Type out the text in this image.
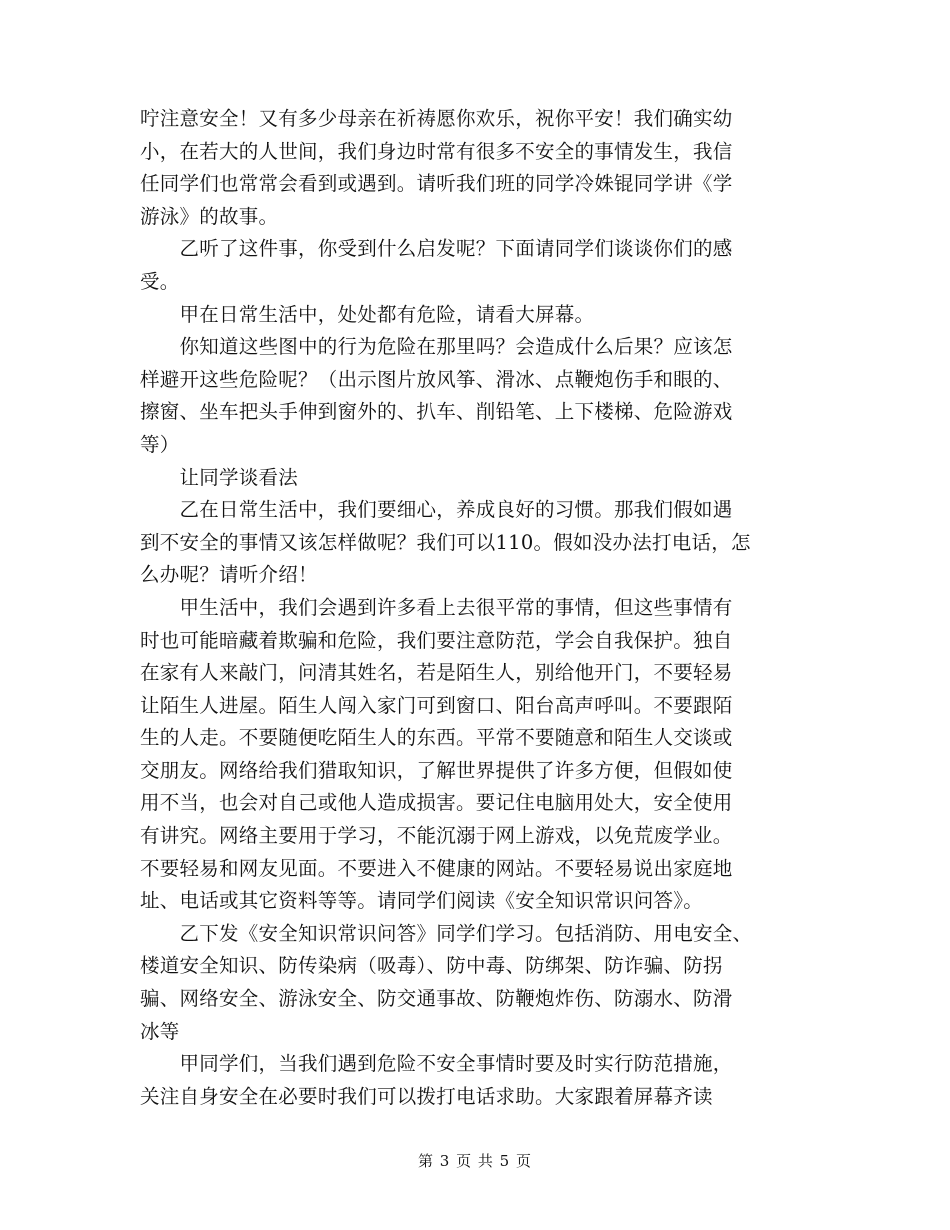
咛注意安全！又有多少母亲在祈祷愿你欢乐，祝你平安！我们确实幼
小，在若大的人世间，我们身边时常有很多不安全的事情发生，我信
任同学们也常常会看到或遇到。请听我们班的同学冷姝锟同学讲《学
游泳》的故事。
　　乙听了这件事，你受到什么启发呢？下面请同学们谈谈你们的感
受。
　　甲在日常生活中，处处都有危险，请看大屏幕。
　　你知道这些图中的行为危险在那里吗？会造成什么后果？应该怎
样避开这些危险呢？（出示图片放风筝、滑冰、点鞭炮伤手和眼的、
擦窗、坐车把头手伸到窗外的、扒车、削铅笔、上下楼梯、危险游戏
等）
　　让同学谈看法
　　乙在日常生活中，我们要细心，养成良好的习惯。那我们假如遇
到不安全的事情又该怎样做呢？我们可以110。假如没办法打电话，怎
么办呢？请听介绍！
　　甲生活中，我们会遇到许多看上去很平常的事情，但这些事情有
时也可能暗藏着欺骗和危险，我们要注意防范，学会自我保护。独自
在家有人来敲门，问清其姓名，若是陌生人，别给他开门，不要轻易
让陌生人进屋。陌生人闯入家门可到窗口、阳台高声呼叫。不要跟陌
生的人走。不要随便吃陌生人的东西。平常不要随意和陌生人交谈或
交朋友。网络给我们猎取知识，了解世界提供了许多方便，但假如使
用不当，也会对自己或他人造成损害。要记住电脑用处大，安全使用
有讲究。网络主要用于学习，不能沉溺于网上游戏，以免荒废学业。
不要轻易和网友见面。不要进入不健康的网站。不要轻易说出家庭地
址、电话或其它资料等等。请同学们阅读《安全知识常识问答》。
　　乙下发《安全知识常识问答》同学们学习。包括消防、用电安全、
楼道安全知识、防传染病（吸毒）、防中毒、防绑架、防诈骗、防拐
骗、网络安全、游泳安全、防交通事故、防鞭炮炸伤、防溺水、防滑
冰等
　　甲同学们，当我们遇到危险不安全事情时要及时实行防范措施，
关注自身安全在必要时我们可以拨打电话求助。大家跟着屏幕齐读
第 3 页 共 5 页
